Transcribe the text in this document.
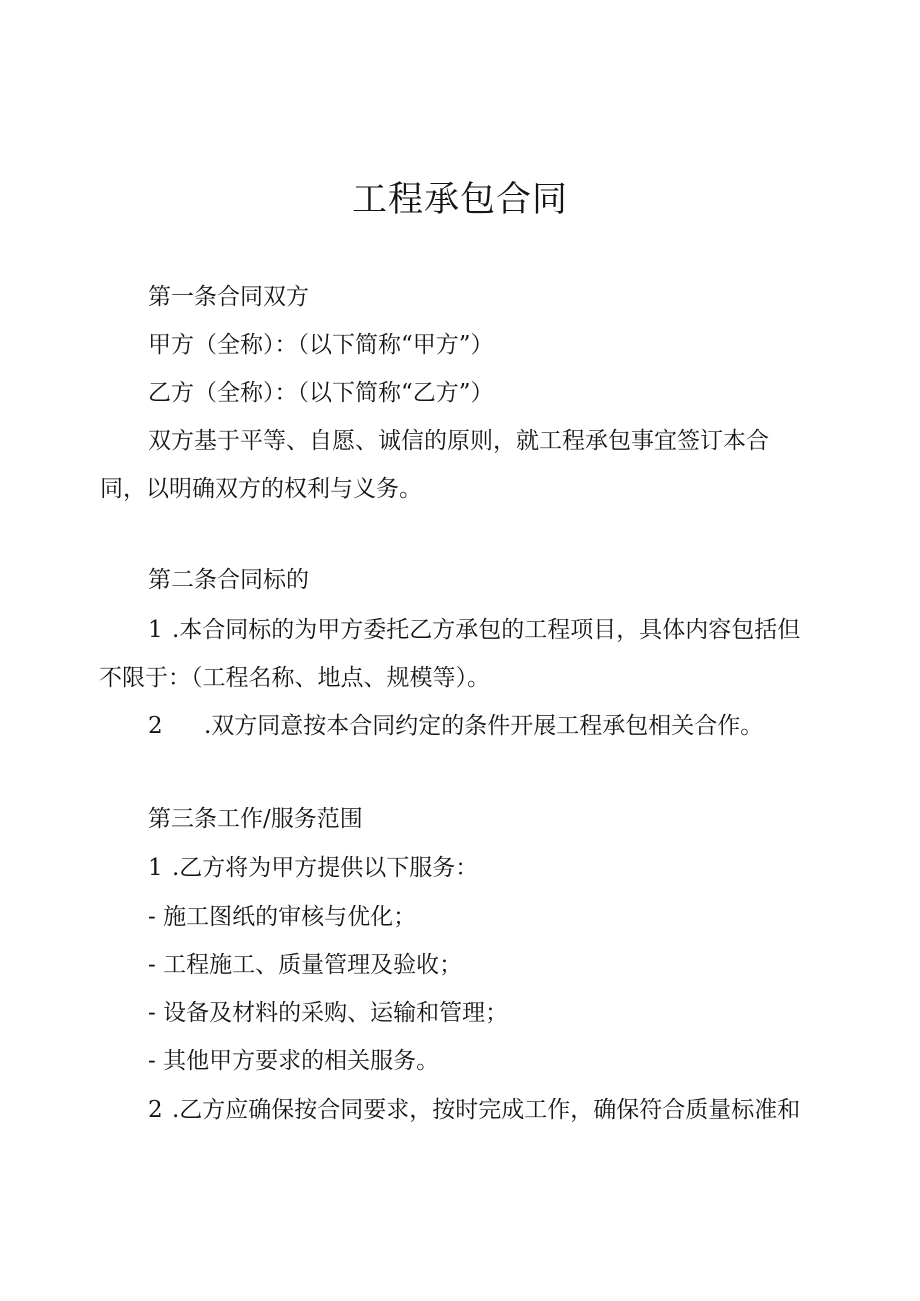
工程承包合同
第一条合同双方
甲方（全称）：（以下简称“甲方”）
乙方（全称）：（以下简称“乙方”）
双方基于平等、自愿、诚信的原则，就工程承包事宜签订本合
同，以明确双方的权利与义务。
第二条合同标的
1 .本合同标的为甲方委托乙方承包的工程项目，具体内容包括但
不限于：（工程名称、地点、规模等）。
2 .双方同意按本合同约定的条件开展工程承包相关合作。
第三条工作/服务范围
1 .乙方将为甲方提供以下服务：
- 施工图纸的审核与优化；
- 工程施工、质量管理及验收；
- 设备及材料的采购、运输和管理；
- 其他甲方要求的相关服务。
2 .乙方应确保按合同要求，按时完成工作，确保符合质量标准和
